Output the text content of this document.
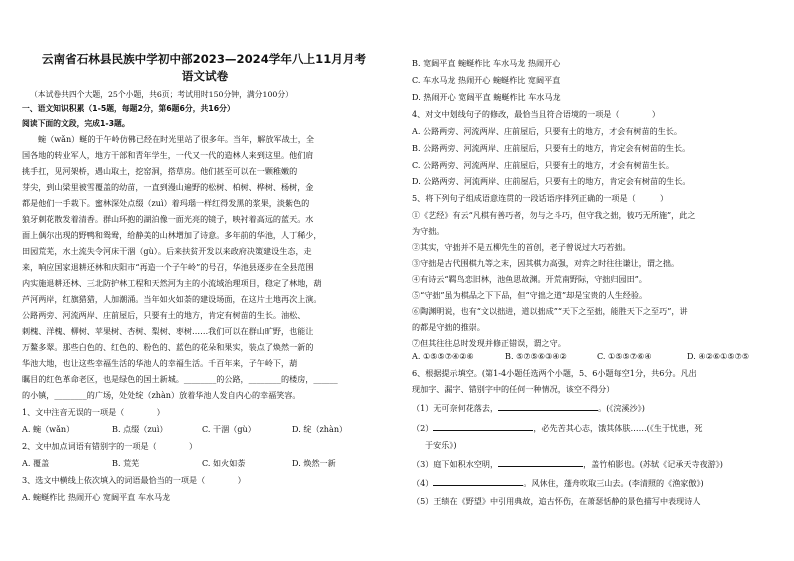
云南省石林县民族中学初中部2023—2024学年八上11月月考
语文试卷
（本试卷共四个大题，25个小题，共6页；考试用时150分钟，满分100分）
一、语文知识积累（1-5题，每题2分，第6题6分，共16分）
阅读下面的文段，完成1-3题。
蜿（wǎn）蜒的于午岭仿佛已经在时光里站了很多年。当年，解放军战士，全
国各地的转业军人，地方干部和青年学生，一代又一代的造林人来到这里。他们肩
挑手扛，见河架桥，遇山取土，挖窑洞，搭草房。他们甚至可以在一颗稚嫩的
芽尖，到山梁里被雪覆盖的幼苗，一直到漫山遍野的松树、柏树、桦树、杨树，金
都是他们一手栽下。蜜林深处点缀（zuì）着玛瑙一样红得发黑的浆果，淡紫色的
狼牙刺花散发着清香。群山环抱的湖泊像一面光亮的镜子，映衬着高远的蓝天。水
面上偶尔出现的野鸭和鸳鸯，给静美的山林增加了诗意。多年前的华池，人丁稀少，
田园荒芜，水土流失令河床干涸（gù）。后来扶贫开发以来政府决策建设生态，走
来，响应国家退耕还林和庆阳市“再造一个子午岭”的号召，华池县逐步在全县范围
内实施退耕还林、三北防护林工程和天然河为主的小流域治理项目，稳定了林地，葫
芦河两岸，红旗猎猎，人加潮涌。当年如火如荼的建设场面，在这片土地再次上演。
公路两旁、河流两岸、庄前屋后，只要有土的地方，肯定有树苗的生长。油松、
刺槐、洋槐、柳树、苹果树、杏树、梨树、枣树……我们可以在群山旷野，也能让
万鳌多翠。那些白色的、红色的、粉色的、蓝色的花朵和果实，装点了焕然一新的
华池大地，也让这些幸福生活的华池人的幸福生活。千百年来，子午岭下，葫
瞩目的红色革命老区，也是绿色的国土新城。________的公路，________的楼房，______
的小镇，________的广场，处处绽（zhàn）放着华池人发自内心的幸福笑容。
1、文中注音无误的一项是（　　　　）
A. 蜿（wǎn）	B. 点缀（zuì）	C. 干涸（gù）	D. 绽（zhàn）
2、文中加点词语有错别字的一项是（　　　　）
A. 覆盖	B. 荒芜	C. 如火如荼	D. 焕然一新
3、选文中横线上依次填入的词语最恰当的一项是（　　　　）
A. 蜿蜒柞比 热闹开心 宽阔平直 车水马龙
B. 宽阔平直 蜿蜒柞比 车水马龙 热闹开心
C. 车水马龙 热闹开心 蜿蜒柞比 宽阔平直
D. 热闹开心 宽阔平直 蜿蜒柞比 车水马龙
4、对文中划线句子的修改，最恰当且符合语境的一项是（　　　　）
A. 公路两旁、河流两岸、庄前屋后，只要有土的地方，才会有树苗的生长。
B. 公路两旁、河流两岸、庄前屋后，只要有土的地方，肯定会有树苗的生长。
C. 公路两旁、河流两岸、庄前屋后，只要有土的地方，才会有树苗生长。
D. 公路两旁、河流两岸、庄前屋后，只要有土的地方，肯定会有树苗的生长。
5、将下列句子组成语意连贯的一段话语序排列正确的一项是（　　　）
①《艺经》有云“凡棋有善巧者，勿与之斗巧，但守我之拙，彼巧无所施”，此之
为守拙。
②其实，守拙并不是五柳先生的首创，老子曾说过大巧若拙。
③守拙是古代围棋九等之末，因其棋力高强，对弈之时往往谦让，谓之拙。
④有诗云“羁鸟恋旧林，池鱼思故渊。开荒南野际，守拙归园田”。
⑤“守拙”虽为棋品之下下品，但“守拙之道”却是宝贵的人生经验。
⑥陶渊明说，也有“文以拙进，道以拙成”“天下之至拙，能胜天下之至巧”，讲
的都是守拙的推崇。
⑦但其往往总时发现并修正错误，谓之守。
A. ①⑤⑤⑦④②⑥	B. ⑤⑦⑤⑥③④②	C. ①⑤⑤⑦⑥④	D. ④②⑥①⑤⑦⑤
6、根据提示填空。(第1-4小题任选两个小题，5、6小题每空1分，共6分。凡出
现加字、漏字、错别字中的任何一种情况，该空不得分）
（1）无可奈何花落去，	。(《浣溪沙》)
（2）	，必先苦其心志，饿其体肤……(《生于忧患，死
于安乐》)
（3）庭下如积水空明，	，盖竹柏影也。(苏轼《记承天寺夜游》)
（4）	。风休住，蓬舟吹取三山去。(李清照的《渔家傲》)
（5）王绩在《野望》中引用典故，追古怀伤，在萧瑟恬静的景色描写中表现诗人
